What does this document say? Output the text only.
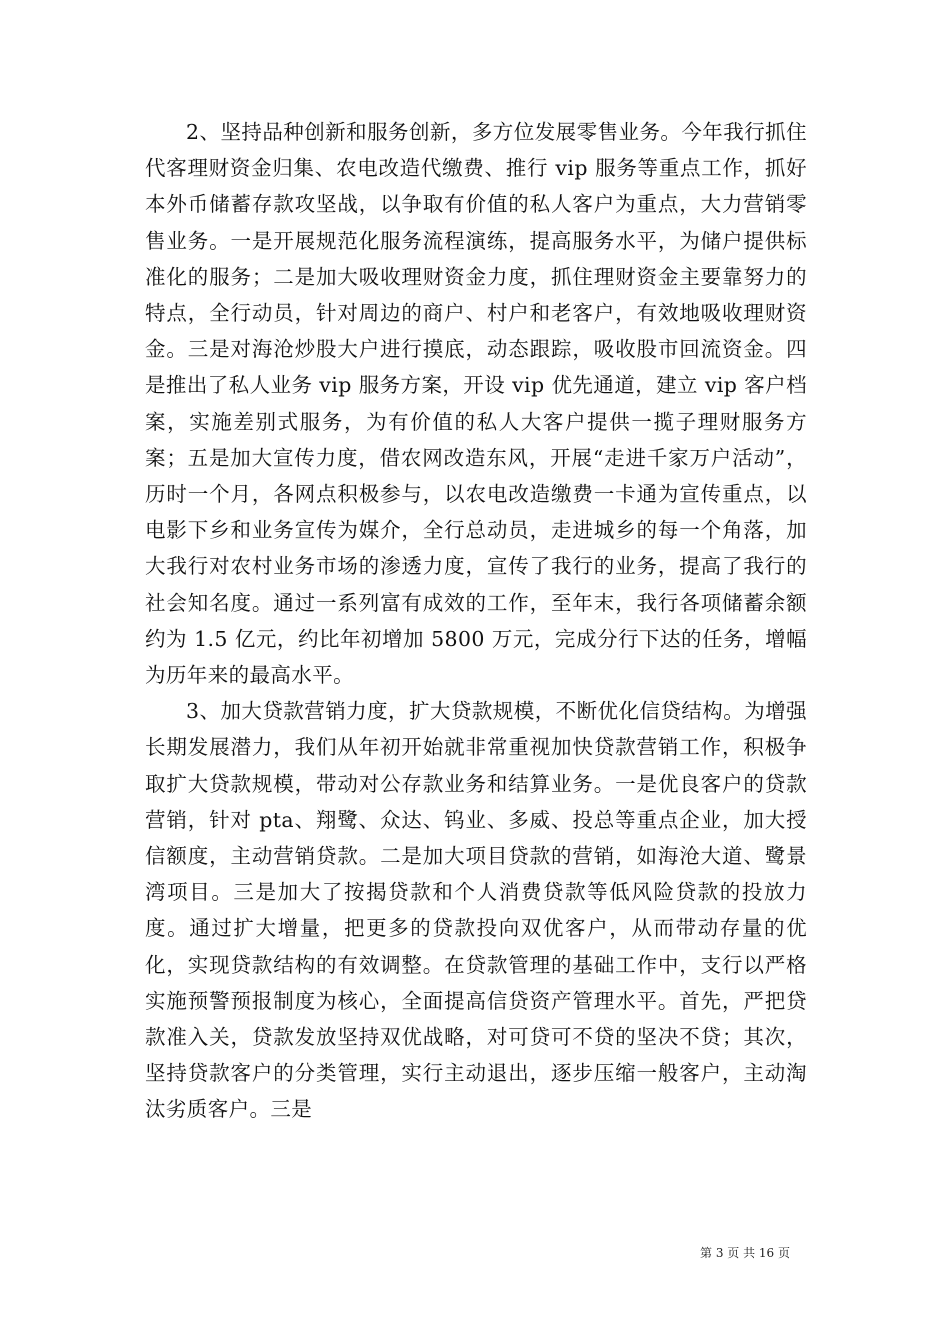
2、坚持品种创新和服务创新，多方位发展零售业务。今年我行抓住代客理财资金归集、农电改造代缴费、推行 vip 服务等重点工作，抓好本外币储蓄存款攻坚战，以争取有价值的私人客户为重点，大力营销零售业务。一是开展规范化服务流程演练，提高服务水平，为储户提供标准化的服务；二是加大吸收理财资金力度，抓住理财资金主要靠努力的特点，全行动员，针对周边的商户、村户和老客户，有效地吸收理财资金。三是对海沧炒股大户进行摸底，动态跟踪，吸收股市回流资金。四是推出了私人业务 vip 服务方案，开设 vip 优先通道，建立 vip 客户档案，实施差别式服务，为有价值的私人大客户提供一揽子理财服务方案；五是加大宣传力度，借农网改造东风，开展“走进千家万户活动”，历时一个月，各网点积极参与，以农电改造缴费一卡通为宣传重点，以电影下乡和业务宣传为媒介，全行总动员，走进城乡的每一个角落，加大我行对农村业务市场的渗透力度，宣传了我行的业务，提高了我行的社会知名度。通过一系列富有成效的工作，至年末，我行各项储蓄余额约为 1.5 亿元，约比年初增加 5800 万元，完成分行下达的任务，增幅为历年来的最高水平。

3、加大贷款营销力度，扩大贷款规模，不断优化信贷结构。为增强长期发展潜力，我们从年初开始就非常重视加快贷款营销工作，积极争取扩大贷款规模，带动对公存款业务和结算业务。一是优良客户的贷款营销，针对 pta、翔鹭、众达、钨业、多威、投总等重点企业，加大授信额度，主动营销贷款。二是加大项目贷款的营销，如海沧大道、鹭景湾项目。三是加大了按揭贷款和个人消费贷款等低风险贷款的投放力度。通过扩大增量，把更多的贷款投向双优客户，从而带动存量的优化，实现贷款结构的有效调整。在贷款管理的基础工作中，支行以严格实施预警预报制度为核心，全面提高信贷资产管理水平。首先，严把贷款准入关，贷款发放坚持双优战略，对可贷可不贷的坚决不贷；其次，坚持贷款客户的分类管理，实行主动退出，逐步压缩一般客户，主动淘汰劣质客户。三是

第 3 页 共 16 页
